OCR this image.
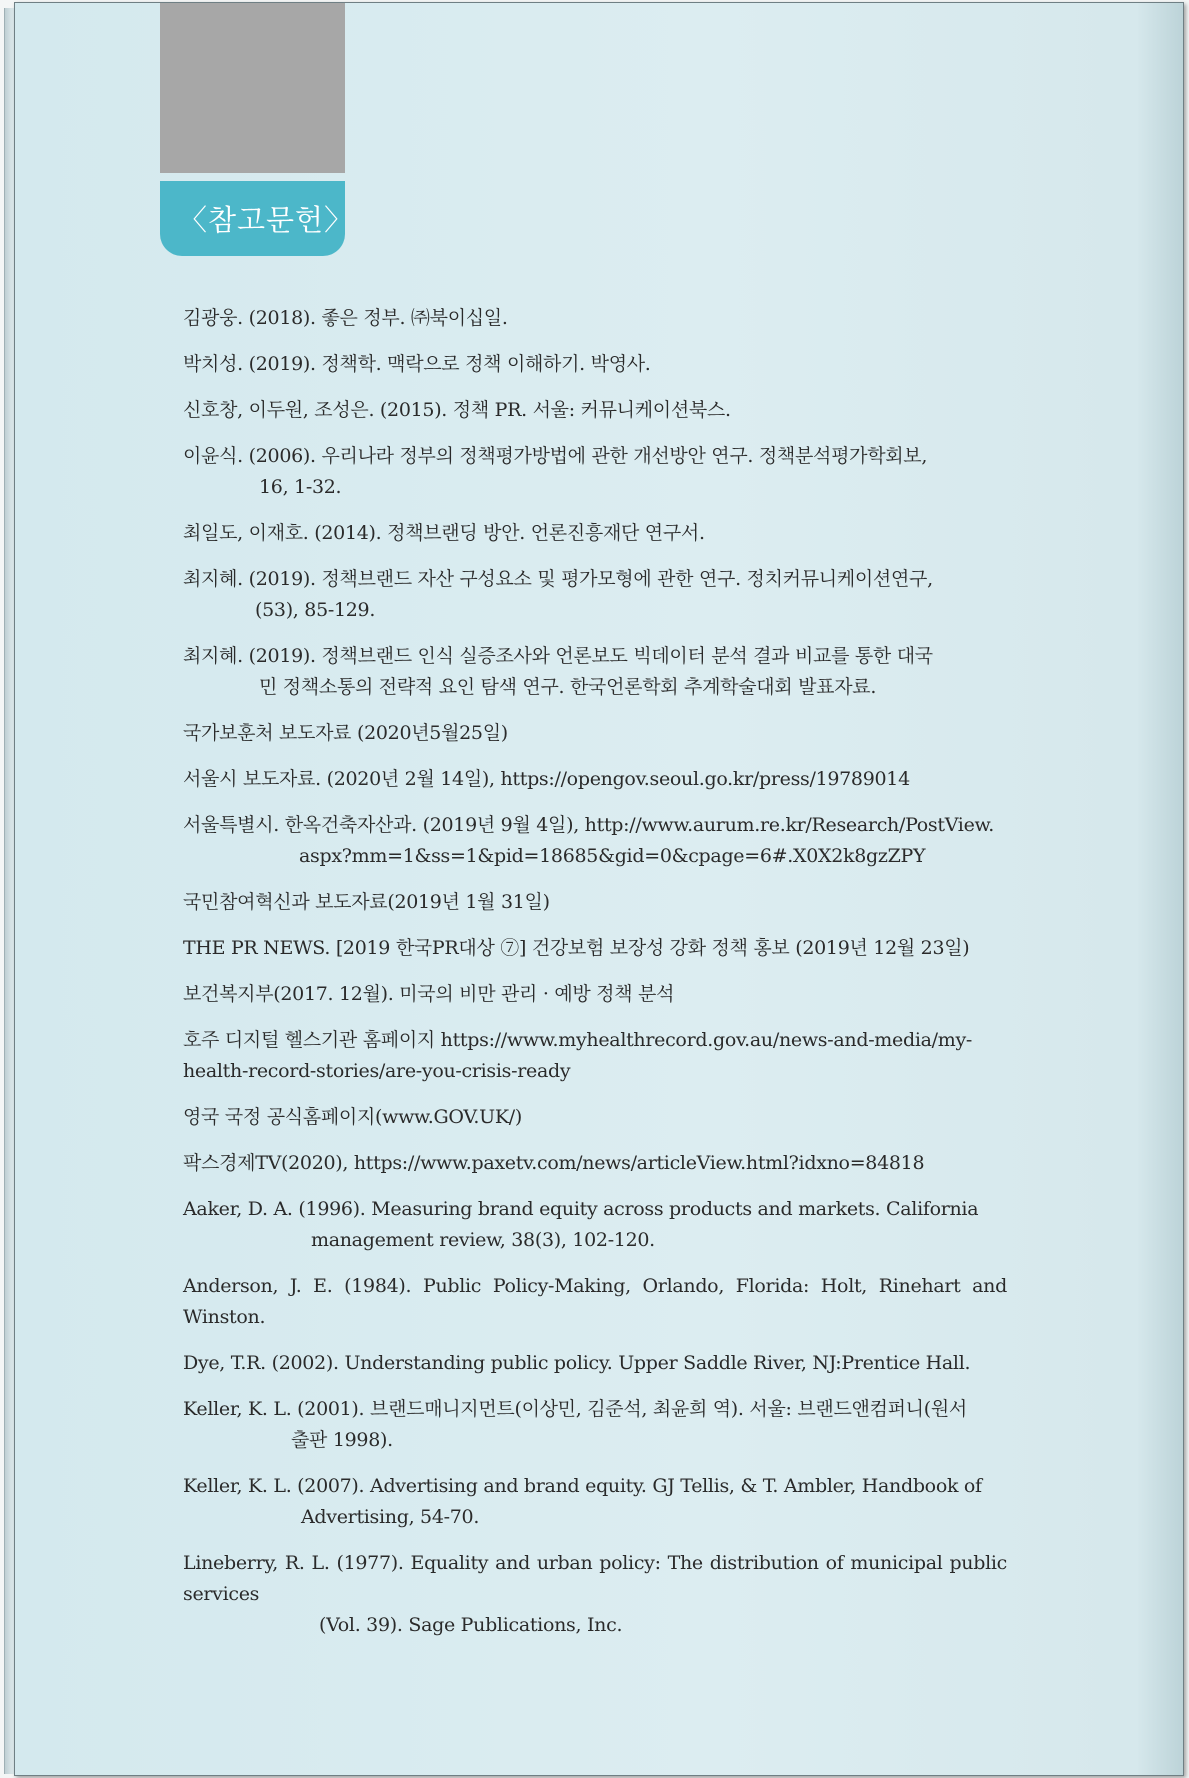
〈참고문헌〉
김광웅. (2018). 좋은 정부. ㈜북이십일.
박치성. (2019). 정책학. 맥락으로 정책 이해하기. 박영사.
신호창, 이두원, 조성은. (2015). 정책 PR. 서울: 커뮤니케이션북스.
이윤식. (2006). 우리나라 정부의 정책평가방법에 관한 개선방안 연구. 정책분석평가학회보,
16, 1-32.
최일도, 이재호. (2014). 정책브랜딩 방안. 언론진흥재단 연구서.
최지혜. (2019). 정책브랜드 자산 구성요소 및 평가모형에 관한 연구. 정치커뮤니케이션연구,
(53), 85-129.
최지혜. (2019). 정책브랜드 인식 실증조사와 언론보도 빅데이터 분석 결과 비교를 통한 대국
민 정책소통의 전략적 요인 탐색 연구. 한국언론학회 추계학술대회 발표자료.
국가보훈처 보도자료 (2020년5월25일)
서울시 보도자료. (2020년 2월 14일), https://opengov.seoul.go.kr/press/19789014
서울특별시. 한옥건축자산과. (2019년 9월 4일), http://www.aurum.re.kr/Research/PostView.
aspx?mm=1&ss=1&pid=18685&gid=0&cpage=6#.X0X2k8gzZPY
국민참여혁신과 보도자료(2019년 1월 31일)
THE PR NEWS. [2019 한국PR대상 ⑦] 건강보험 보장성 강화 정책 홍보 (2019년 12월 23일)
보건복지부(2017. 12월). 미국의 비만 관리 · 예방 정책 분석
호주 디지털 헬스기관 홈페이지 https://www.myhealthrecord.gov.au/news-and-media/my-
health-record-stories/are-you-crisis-ready
영국 국정 공식홈페이지(www.GOV.UK/)
팍스경제TV(2020), https://www.paxetv.com/news/articleView.html?idxno=84818
Aaker, D. A. (1996). Measuring brand equity across products and markets. California
management review, 38(3), 102-120.
Anderson, J. E. (1984). Public Policy-Making, Orlando, Florida: Holt, Rinehart and Winston.
Dye, T.R. (2002). Understanding public policy. Upper Saddle River, NJ:Prentice Hall.
Keller, K. L. (2001). 브랜드매니지먼트(이상민, 김준석, 최윤희 역). 서울: 브랜드앤컴퍼니(원서
출판 1998).
Keller, K. L. (2007). Advertising and brand equity. GJ Tellis, & T. Ambler, Handbook of
Advertising, 54-70.
Lineberry, R. L. (1977). Equality and urban policy: The distribution of municipal public services
(Vol. 39). Sage Publications, Inc.
